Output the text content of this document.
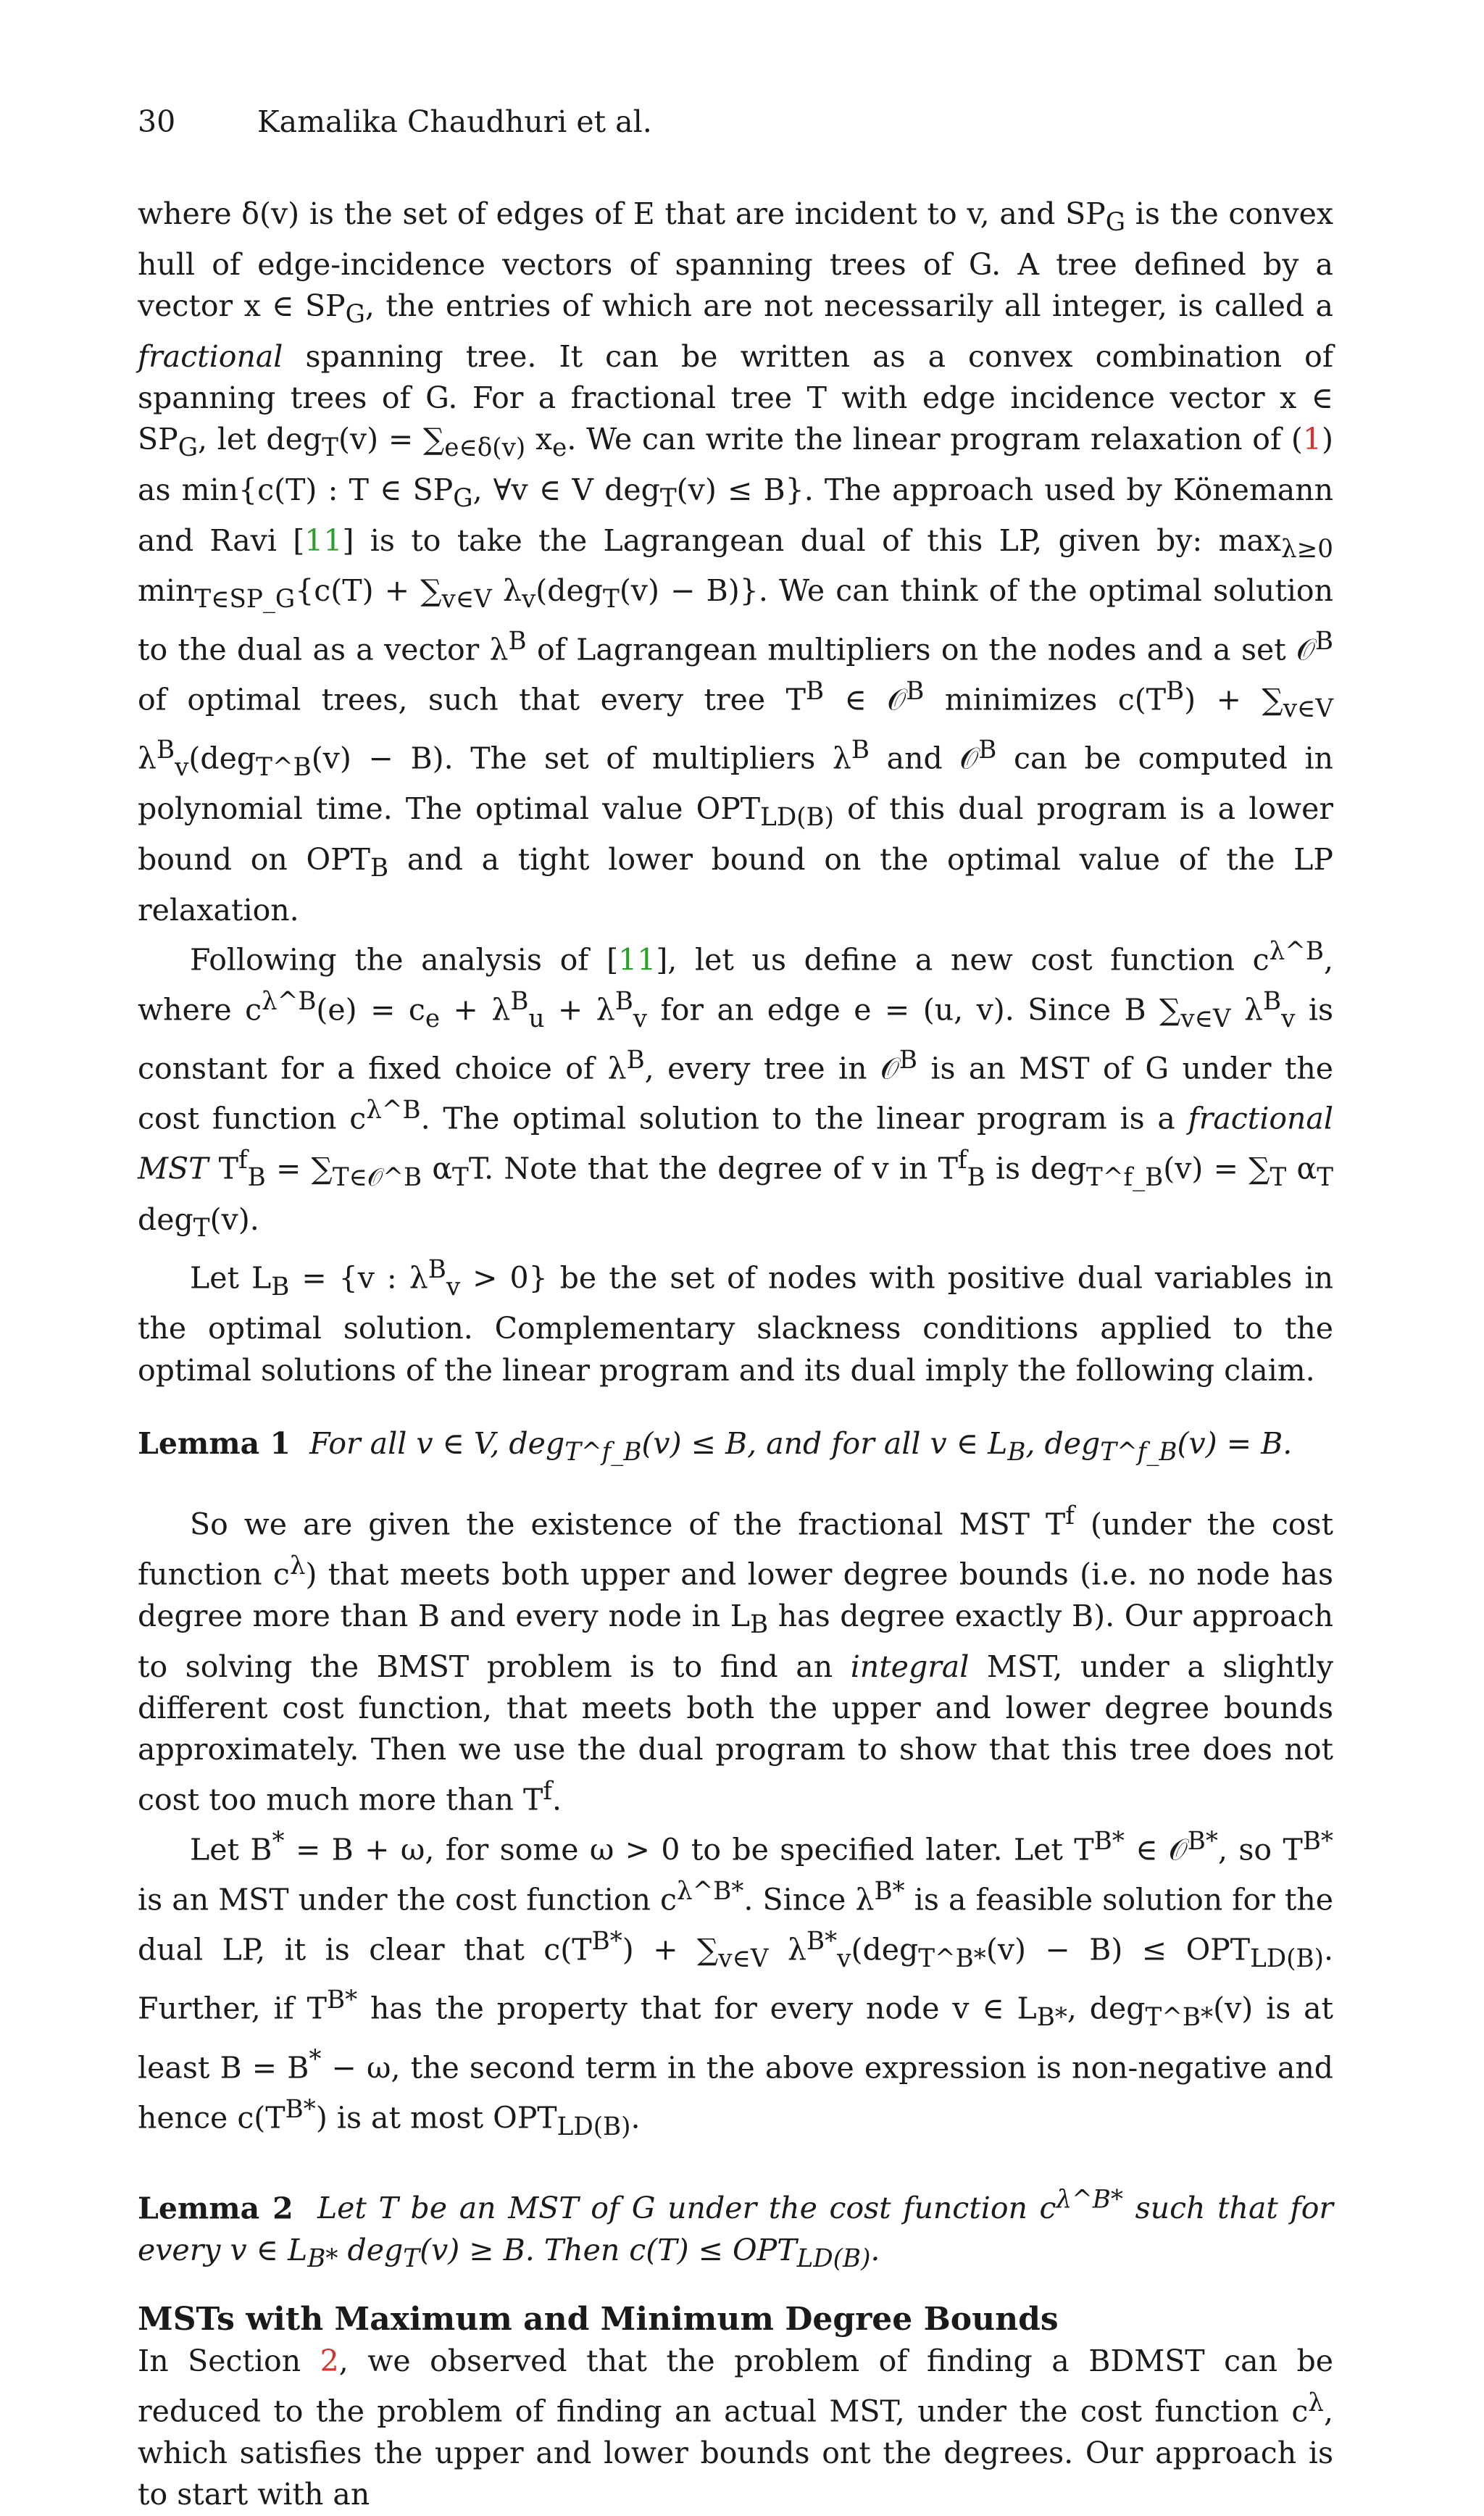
30	Kamalika Chaudhuri et al.

where δ(v) is the set of edges of E that are incident to v, and $SP_G$ is the convex hull of edge-incidence vectors of spanning trees of G. A tree defined by a vector x ∈ $SP_G$, the entries of which are not necessarily all integer, is called a fractional spanning tree. It can be written as a convex combination of spanning trees of G. For a fractional tree T with edge incidence vector x ∈ $SP_G$, let $deg_T(v) = \sum_{e\in\delta(v)}$ $x_e$. We can write the linear program relaxation of (1) as min{c(T) : T ∈ $SP_G$, ∀v ∈ V deg$_T$(v) ≤ B}. The approach used by Könemann and Ravi [11] is to take the Lagrangean dual of this LP, given by: $\max_{\lambda\ge 0} \min_{T\in SP\_G}\{c(T) + \sum_{v\in V}$ $\lambda_v(deg_T(v) - B)$}. We can think of the optimal solution to the dual as a vector $\lambda^B$ of Lagrangean multipliers on the nodes and a set 𝒪$^B$ of optimal trees, such that every tree $T^B$ ∈ 𝒪$^B$ minimizes $c(T^B) + \sum_{v\in V}$ $\lambda^B_v(deg_{T\^{}B}(v) - B)$. The set of multipliers $\lambda^B$ and 𝒪$^B$ can be computed in polynomial time. The optimal value $OPT_{LD(B)}$ of this dual program is a lower bound on $OPT_B$ and a tight lower bound on the optimal value of the LP relaxation.

Following the analysis of [11], let us define a new cost function $c^{\lambda\^{}B}$, where $c^{\lambda\^{}B}(e) = c_e + \lambda^B_u + \lambda^B_v$ for an edge e = (u, v). Since B $\sum_{v\in V}$ $\lambda^B_v$ is constant for a fixed choice of $\lambda^B$, every tree in 𝒪$^B$ is an MST of G under the cost function $c^{\lambda\^{}B}$. The optimal solution to the linear program is a fractional MST $T^f_B = \sum_{T\in 𝒪\^{}B}$ $\alpha_TT$. Note that the degree of v in $T^f_B$ is $deg_{T\^{}f\_B}(v) = \sum_T$ $\alpha_T$ deg$_T$(v).

Let $L_B = \{v$ : $\lambda^B_v > 0$} be the set of nodes with positive dual variables in the optimal solution. Complementary slackness conditions applied to the optimal solutions of the linear program and its dual imply the following claim.

Lemma 1 For all v ∈ V, deg$_{T\^{}f\_B}$(v) ≤ B, and for all v ∈ $L_B$, deg$_{T\^{}f\_B}$(v) = B.

So we are given the existence of the fractional MST $T^f$ (under the cost function $c^\lambda$) that meets both upper and lower degree bounds (i.e. no node has degree more than B and every node in $L_B$ has degree exactly B). Our approach to solving the BMST problem is to find an integral MST, under a slightly different cost function, that meets both the upper and lower degree bounds approximately. Then we use the dual program to show that this tree does not cost too much more than $T^f$.

Let B* = B + ω, for some ω > 0 to be specified later. Let $T^{B*}$ ∈ 𝒪$^{B*}$, so $T^{B*}$ is an MST under the cost function $c^{\lambda\^{}B*}$. Since $\lambda^{B*}$ is a feasible solution for the dual LP, it is clear that $c(T^{B*}) + \sum_{v\in V}$ $\lambda^{B*}_v(deg_{T\^{}B*}(v) - B) \le OPT_{LD(B)}$. Further, if $T^{B*}$ has the property that for every node v ∈ $L_{B*}$, deg$_{T\^{}B*}$(v) is at least B = B* − ω, the second term in the above expression is non-negative and hence $c(T^{B*})$ is at most $OPT_{LD(B)}$.

Lemma 2 Let T be an MST of G under the cost function $c^{\lambda\^{}B*}$ such that for every v ∈ $L_{B*}$ deg$_T$(v) ≥ B. Then $c(T) \le OPT_{LD(B)}$.

MSTs with Maximum and Minimum Degree Bounds

In Section 2, we observed that the problem of finding a BDMST can be reduced to the problem of finding an actual MST, under the cost function $c^\lambda$, which satisfies the upper and lower bounds ont the degrees. Our approach is to start with an
